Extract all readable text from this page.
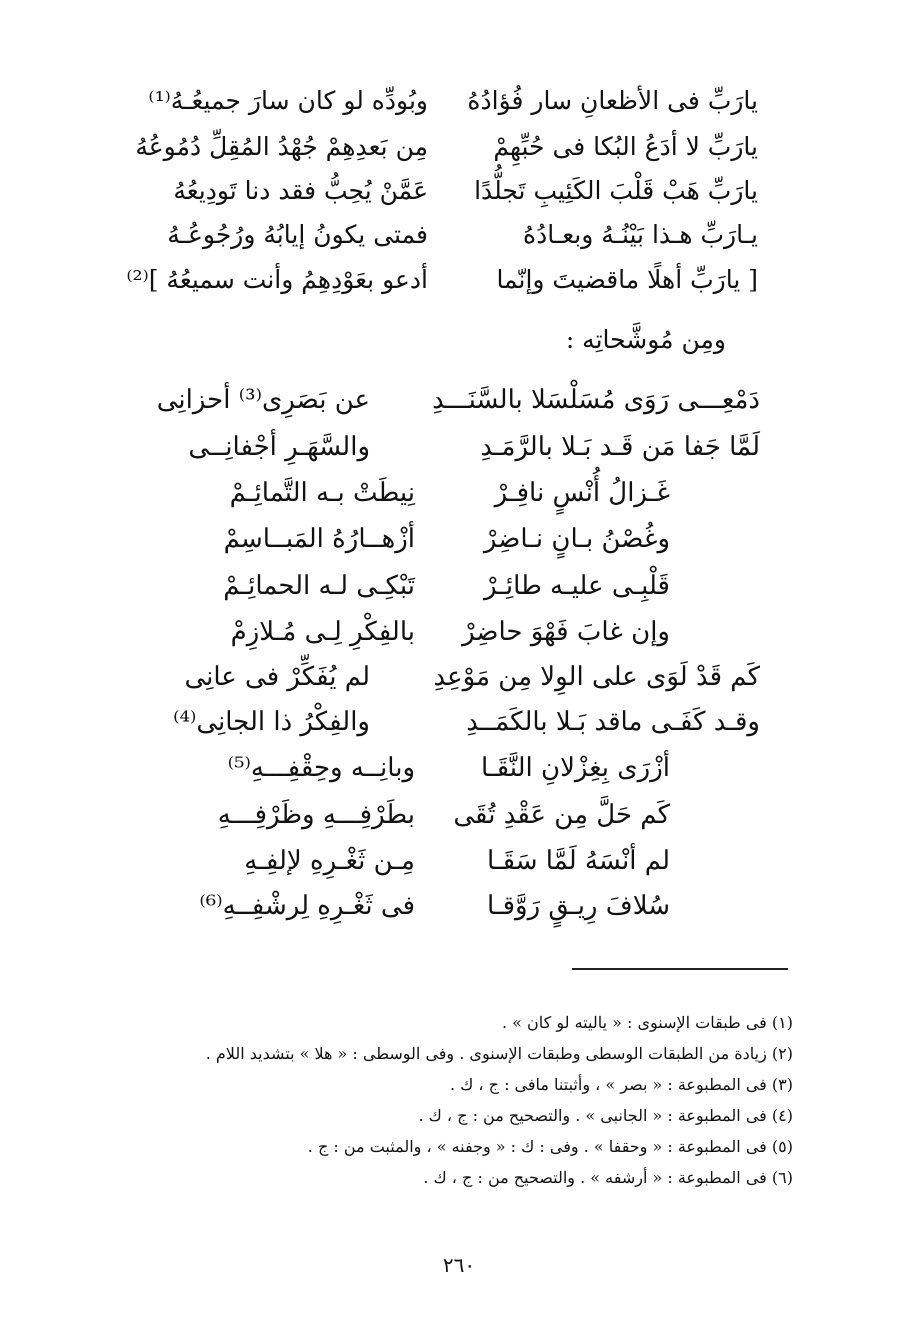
يارَبِّ فى الأظعانِ سار فُؤادُهُ
وبُودِّه لو كان سارَ جميعُـهُ⁽¹⁾
يارَبِّ لا أدَعُ البُكا فى حُبِّهِمْ
مِن بَعدِهِمْ جُهْدُ المُقِلِّ دُمُوعُهُ
يارَبِّ هَبْ قَلْبَ الكَئِيبِ تَجلُّدًا
عَمَّنْ يُحِبُّ فقد دنا تَودِيعُهُ
يـارَبِّ هـذا بَيْنُـهُ وبعـادُهُ
فمتى يكونُ إيابُهُ ورُجُوعُـهُ
[ يارَبِّ أهلًا ماقضيتَ وإنّما
أدعو بعَوْدِهِمُ وأنت سميعُهُ ]⁽²⁾
ومِن مُوشَّحاتِه :
دَمْعِـــى رَوَى مُسَلْسَلا بالسَّنَـــدِ
عن بَصَرِى⁽³⁾ أحزانِى
لَمَّا جَفا مَن قَـد بَـلا بالرَّمَـدِ
والسَّهَـرِ أجْفانِــى
غَـزالُ أُنْسٍ نافِـرْ
نِيطَتْ بـه التَّمائِـمْ
وغُصْنُ بـانٍ نـاضِرْ
أزْهــارُهُ المَبــاسِمْ
قَلْبِـى عليـه طائِـرْ
تَبْكِـى لـه الحمائِـمْ
وإن غابَ فَهْوَ حاضِرْ
بالفِكْرِ لِـى مُـلازِمْ
كَم قَدْ لَوَى على الوِلا مِن مَوْعِدِ
لم يُفَكِّرْ فى عانِى
وقـد كَفَـى ماقد بَـلا بالكَمَــدِ
والفِكْرُ ذا الجانِى⁽⁴⁾
أزْرَى بِغِزْلانِ النَّقَـا
وبانِــه وحِقْفِـــهِ⁽⁵⁾
كَم حَلَّ مِن عَقْدِ تُقَى
بطَرْفِـــهِ وظَرْفِـــهِ
لم أنْسَهُ لَمَّا سَقَـا
مِـن ثَغْـرِهِ لإلفِـهِ
سُلافَ رِيـقٍ رَوَّقـا
فى ثَغْـرِهِ لِرشْفِــهِ⁽⁶⁾
(١) فى طبقات الإسنوى : « ياليته لو كان » .
(٢) زيادة من الطبقات الوسطى وطبقات الإسنوى . وفى الوسطى : « هلا » بتشديد اللام .
(٣) فى المطبوعة : « بصر » ، وأثبتنا مافى : ج ، ك .
(٤) فى المطبوعة : « الجانبى » . والتصحيح من : ج ، ك .
(٥) فى المطبوعة : « وحقفا » . وفى : ك : « وجفنه » ، والمثبت من : ج .
(٦) فى المطبوعة : « أرشفه » . والتصحيح من : ج ، ك .
٢٦٠
